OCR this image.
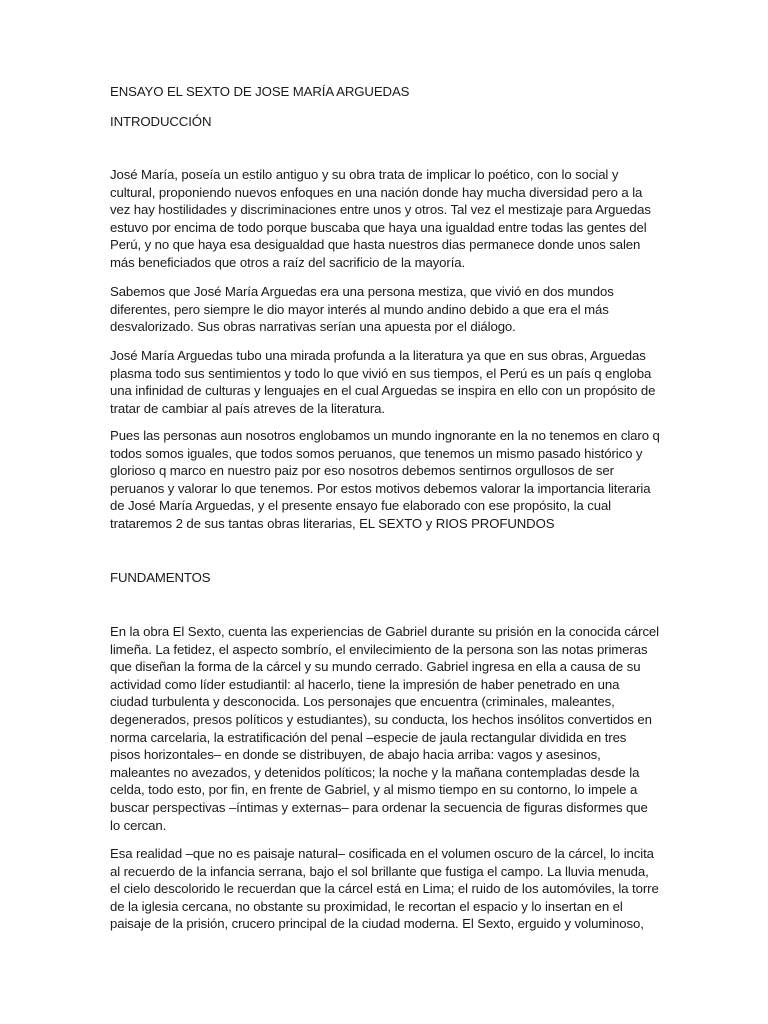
ENSAYO EL SEXTO DE JOSE MARÍA ARGUEDAS
INTRODUCCIÓN

José María, poseía un estilo antiguo y su obra trata de implicar lo poético, con lo social y cultural, proponiendo nuevos enfoques en una nación donde hay mucha diversidad pero a la vez hay hostilidades y discriminaciones entre unos y otros. Tal vez el mestizaje para Arguedas estuvo por encima de todo porque buscaba que haya una igualdad entre todas las gentes del Perú, y no que haya esa desigualdad que hasta nuestros dias permanece donde unos salen más beneficiados que otros a raíz del sacrificio de la mayoría.

Sabemos que José María Arguedas era una persona mestiza, que vivió en dos mundos diferentes, pero siempre le dio mayor interés al mundo andino debido a que era el más desvalorizado. Sus obras narrativas serían una apuesta por el diálogo.

José María Arguedas tubo una mirada profunda a la literatura ya que en sus obras, Arguedas plasma todo sus sentimientos y todo lo que vivió en sus tiempos, el Perú es un país q engloba una infinidad de culturas y lenguajes en el cual Arguedas se inspira en ello con un propósito de tratar de cambiar al país atreves de la literatura.

Pues las personas aun nosotros englobamos un mundo ingnorante en la no tenemos en claro q todos somos iguales, que todos somos peruanos, que tenemos un mismo pasado histórico y glorioso q marco en nuestro paiz por eso nosotros debemos sentirnos orgullosos de ser peruanos y valorar lo que tenemos. Por estos motivos debemos valorar la importancia literaria de José María Arguedas, y el presente ensayo fue elaborado con ese propósito, la cual trataremos 2 de sus tantas obras literarias, EL SEXTO y RIOS PROFUNDOS

FUNDAMENTOS

En la obra El Sexto, cuenta las experiencias de Gabriel durante su prisión en la conocida cárcel limeña. La fetidez, el aspecto sombrío, el envilecimiento de la persona son las notas primeras que diseñan la forma de la cárcel y su mundo cerrado. Gabriel ingresa en ella a causa de su actividad como líder estudiantil: al hacerlo, tiene la impresión de haber penetrado en una ciudad turbulenta y desconocida. Los personajes que encuentra (criminales, maleantes, degenerados, presos políticos y estudiantes), su conducta, los hechos insólitos convertidos en norma carcelaria, la estratificación del penal –especie de jaula rectangular dividida en tres pisos horizontales– en donde se distribuyen, de abajo hacia arriba: vagos y asesinos, maleantes no avezados, y detenidos políticos; la noche y la mañana contempladas desde la celda, todo esto, por fin, en frente de Gabriel, y al mismo tiempo en su contorno, lo impele a buscar perspectivas –íntimas y externas– para ordenar la secuencia de figuras disformes que lo cercan.

Esa realidad –que no es paisaje natural– cosificada en el volumen oscuro de la cárcel, lo incita al recuerdo de la infancia serrana, bajo el sol brillante que fustiga el campo. La lluvia menuda, el cielo descolorido le recuerdan que la cárcel está en Lima; el ruido de los automóviles, la torre de la iglesia cercana, no obstante su proximidad, le recortan el espacio y lo insertan en el paisaje de la prisión, crucero principal de la ciudad moderna. El Sexto, erguido y voluminoso,
